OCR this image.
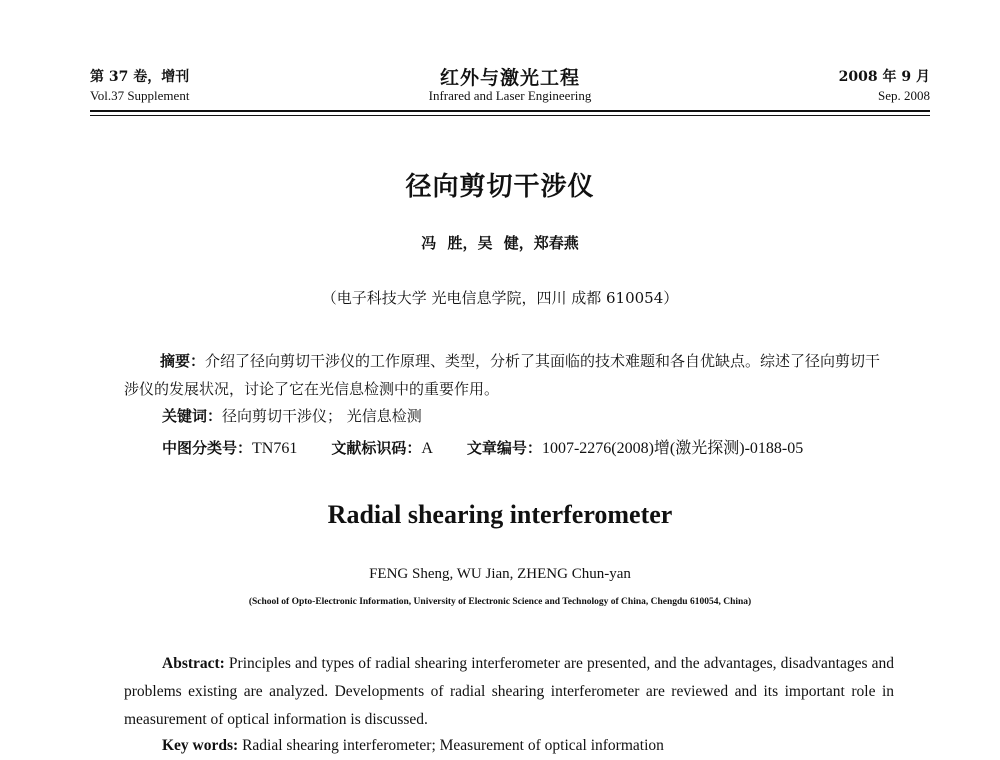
第 37 卷，增刊
Vol.37 Supplement
红外与激光工程
Infrared and Laser Engineering
2008 年 9 月
Sep. 2008
径向剪切干涉仪
冯 胜，吴 健，郑春燕
（电子科技大学 光电信息学院，四川 成都 610054）

摘要：介绍了径向剪切干涉仪的工作原理、类型，分析了其面临的技术难题和各自优缺点。综述了径向剪切干涉仪的发展状况，讨论了它在光信息检测中的重要作用。

关键词：径向剪切干涉仪； 光信息检测
中图分类号：TN761 文献标识码：A 文章编号：1007-2276(2008)增(激光探测)-0188-05
Radial shearing interferometer
FENG Sheng, WU Jian, ZHENG Chun-yan
(School of Opto-Electronic Information, University of Electronic Science and Technology of China, Chengdu 610054, China)

Abstract: Principles and types of radial shearing interferometer are presented, and the advantages, disadvantages and problems existing are analyzed. Developments of radial shearing interferometer are reviewed and its important role in measurement of optical information is discussed.

Key words: Radial shearing interferometer; Measurement of optical information
